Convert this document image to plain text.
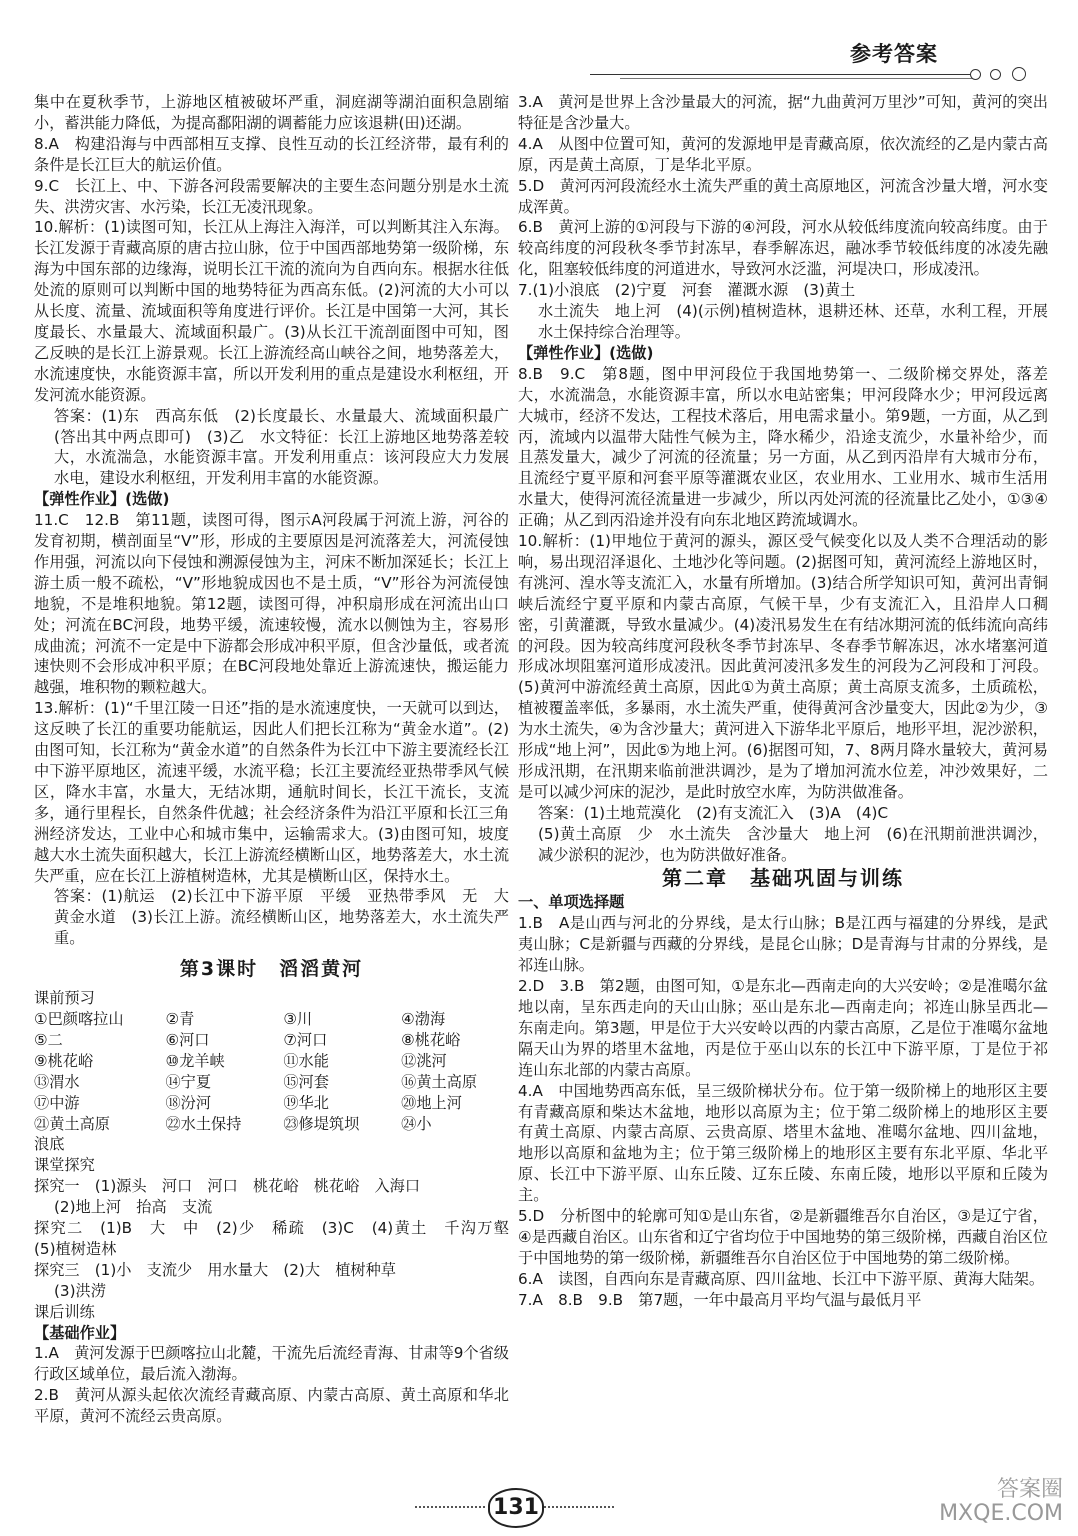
参考答案

集中在夏秋季节，上游地区植被破坏严重，洞庭湖等湖泊面积急剧缩小，蓄洪能力降低，为提高鄱阳湖的调蓄能力应该退耕(田)还湖。

8.A　构建沿海与中西部相互支撑、良性互动的长江经济带，最有利的条件是长江巨大的航运价值。

9.C　长江上、中、下游各河段需要解决的主要生态问题分别是水土流失、洪涝灾害、水污染，长江无凌汛现象。

10.解析：(1)读图可知，长江从上海注入海洋，可以判断其注入东海。长江发源于青藏高原的唐古拉山脉，位于中国西部地势第一级阶梯，东海为中国东部的边缘海，说明长江干流的流向为自西向东。根据水往低处流的原则可以判断中国的地势特征为西高东低。(2)河流的大小可以从长度、流量、流域面积等角度进行评价。长江是中国第一大河，其长度最长、水量最大、流域面积最广。(3)从长江干流剖面图中可知，图乙反映的是长江上游景观。长江上游流经高山峡谷之间，地势落差大，水流速度快，水能资源丰富，所以开发利用的重点是建设水利枢纽，开发河流水能资源。

答案：(1)东　西高东低　(2)长度最长、水量最大、流域面积最广(答出其中两点即可)　(3)乙　水文特征：长江上游地区地势落差较大，水流湍急，水能资源丰富。开发利用重点：该河段应大力发展水电，建设水利枢纽，开发利用丰富的水能资源。

【弹性作业】(选做)

11.C　12.B　第11题，读图可得，图示A河段属于河流上游，河谷的发育初期，横剖面呈“V”形，形成的主要原因是河流落差大，河流侵蚀作用强，河流以向下侵蚀和溯源侵蚀为主，河床不断加深延长；长江上游土质一般不疏松，“V”形地貌成因也不是土质，“V”形谷为河流侵蚀地貌，不是堆积地貌。第12题，读图可得，冲积扇形成在河流出山口处；河流在BC河段，地势平缓，流速较慢，流水以侧蚀为主，容易形成曲流；河流不一定是中下游都会形成冲积平原，但含沙量低，或者流速快则不会形成冲积平原；在BC河段地处靠近上游流速快，搬运能力越强，堆积物的颗粒越大。

13.解析：(1)“千里江陵一日还”指的是水流速度快，一天就可以到达，这反映了长江的重要功能航运，因此人们把长江称为“黄金水道”。(2)由图可知，长江称为“黄金水道”的自然条件为长江中下游主要流经长江中下游平原地区，流速平缓，水流平稳；长江主要流经亚热带季风气候区，降水丰富，水量大，无结冰期，通航时间长，长江干流长，支流多，通行里程长，自然条件优越；社会经济条件为沿江平原和长江三角洲经济发达，工业中心和城市集中，运输需求大。(3)由图可知，坡度越大水土流失面积越大，长江上游流经横断山区，地势落差大，水土流失严重，应在长江上游植树造林，尤其是横断山区，保持水土。

答案：(1)航运　(2)长江中下游平原　平缓　亚热带季风　无　大　黄金水道　(3)长江上游。流经横断山区，地势落差大，水土流失严重。

第3课时　滔滔黄河

课前预习

①巴颜喀拉山	②青	③川	④渤海
⑤二	⑥河口	⑦河口	⑧桃花峪
⑨桃花峪	⑩龙羊峡	⑪水能	⑫洮河
⑬渭水	⑭宁夏	⑮河套	⑯黄土高原
⑰中游	⑱汾河	⑲华北	⑳地上河
㉑黄土高原	㉒水土保持	㉓修堤筑坝	㉔小

浪底

课堂探究

探究一　(1)源头　河口　河口　桃花峪　桃花峪　入海口

(2)地上河　抬高　支流

探究二　(1)B　大　中　(2)少　稀疏　(3)C　(4)黄土　千沟万壑　(5)植树造林

探究三　(1)小　支流少　用水量大　(2)大　植树种草

(3)洪涝

课后训练

【基础作业】

1.A　黄河发源于巴颜喀拉山北麓，干流先后流经青海、甘肃等9个省级行政区域单位，最后流入渤海。

2.B　黄河从源头起依次流经青藏高原、内蒙古高原、黄土高原和华北平原，黄河不流经云贵高原。

3.A　黄河是世界上含沙量最大的河流，据“九曲黄河万里沙”可知，黄河的突出特征是含沙量大。

4.A　从图中位置可知，黄河的发源地甲是青藏高原，依次流经的乙是内蒙古高原，丙是黄土高原，丁是华北平原。

5.D　黄河丙河段流经水土流失严重的黄土高原地区，河流含沙量大增，河水变成浑黄。

6.B　黄河上游的①河段与下游的④河段，河水从较低纬度流向较高纬度。由于较高纬度的河段秋冬季节封冻早，春季解冻迟，融冰季节较低纬度的冰凌先融化，阻塞较低纬度的河道进水，导致河水泛滥，河堤决口，形成凌汛。

7.(1)小浪底　(2)宁夏　河套　灌溉水源　(3)黄土

水土流失　地上河　(4)(示例)植树造林，退耕还林、还草，水利工程，开展水土保持综合治理等。

【弹性作业】(选做)

8.B　9.C　第8题，图中甲河段位于我国地势第一、二级阶梯交界处，落差大，水流湍急，水能资源丰富，所以水电站密集；甲河段降水少；甲河段远离大城市，经济不发达，工程技术落后，用电需求量小。第9题，一方面，从乙到丙，流域内以温带大陆性气候为主，降水稀少，沿途支流少，水量补给少，而且蒸发量大，减少了河流的径流量；另一方面，从乙到丙沿岸有大城市分布，且流经宁夏平原和河套平原等灌溉农业区，农业用水、工业用水、城市生活用水量大，使得河流径流量进一步减少，所以丙处河流的径流量比乙处小，①③④正确；从乙到丙沿途并没有向东北地区跨流域调水。

10.解析：(1)甲地位于黄河的源头，源区受气候变化以及人类不合理活动的影响，易出现沼泽退化、土地沙化等问题。(2)据图可知，黄河流经上游地区时，有洮河、湟水等支流汇入，水量有所增加。(3)结合所学知识可知，黄河出青铜峡后流经宁夏平原和内蒙古高原，气候干旱，少有支流汇入，且沿岸人口稠密，引黄灌溉，导致水量减少。(4)凌汛易发生在有结冰期河流的低纬流向高纬的河段。因为较高纬度河段秋冬季节封冻早、冬春季节解冻迟，冰水堵塞河道形成冰坝阻塞河道形成凌汛。因此黄河凌汛多发生的河段为乙河段和丁河段。(5)黄河中游流经黄土高原，因此①为黄土高原；黄土高原支流多，土质疏松，植被覆盖率低，多暴雨，水土流失严重，使得黄河含沙量变大，因此②为少，③为水土流失，④为含沙量大；黄河进入下游华北平原后，地形平坦，泥沙淤积，形成“地上河”，因此⑤为地上河。(6)据图可知，7、8两月降水量较大，黄河易形成汛期，在汛期来临前泄洪调沙，是为了增加河流水位差，冲沙效果好，二是可以减少河床的泥沙，是此时放空水库，为防洪做准备。

答案：(1)土地荒漠化　(2)有支流汇入　(3)A　(4)C

(5)黄土高原　少　水土流失　含沙量大　地上河　(6)在汛期前泄洪调沙，减少淤积的泥沙，也为防洪做好准备。

第二章　基础巩固与训练

一、单项选择题

1.B　A是山西与河北的分界线，是太行山脉；B是江西与福建的分界线，是武夷山脉；C是新疆与西藏的分界线，是昆仑山脉；D是青海与甘肃的分界线，是祁连山脉。

2.D　3.B　第2题，由图可知，①是东北—西南走向的大兴安岭；②是准噶尔盆地以南，呈东西走向的天山山脉；巫山是东北—西南走向；祁连山脉呈西北—东南走向。第3题，甲是位于大兴安岭以西的内蒙古高原，乙是位于准噶尔盆地隔天山为界的塔里木盆地，丙是位于巫山以东的长江中下游平原，丁是位于祁连山东北部的内蒙古高原。

4.A　中国地势西高东低，呈三级阶梯状分布。位于第一级阶梯上的地形区主要有青藏高原和柴达木盆地，地形以高原为主；位于第二级阶梯上的地形区主要有黄土高原、内蒙古高原、云贵高原、塔里木盆地、准噶尔盆地、四川盆地，地形以高原和盆地为主；位于第三级阶梯上的地形区主要有东北平原、华北平原、长江中下游平原、山东丘陵、辽东丘陵、东南丘陵，地形以平原和丘陵为主。

5.D　分析图中的轮廓可知①是山东省，②是新疆维吾尔自治区，③是辽宁省，④是西藏自治区。山东省和辽宁省均位于中国地势的第三级阶梯，西藏自治区位于中国地势的第一级阶梯，新疆维吾尔自治区位于中国地势的第二级阶梯。

6.A　读图，自西向东是青藏高原、四川盆地、长江中下游平原、黄海大陆架。

7.A　8.B　9.B　第7题，一年中最高月平均气温与最低月平

131
答案圈
MXQE.COM
